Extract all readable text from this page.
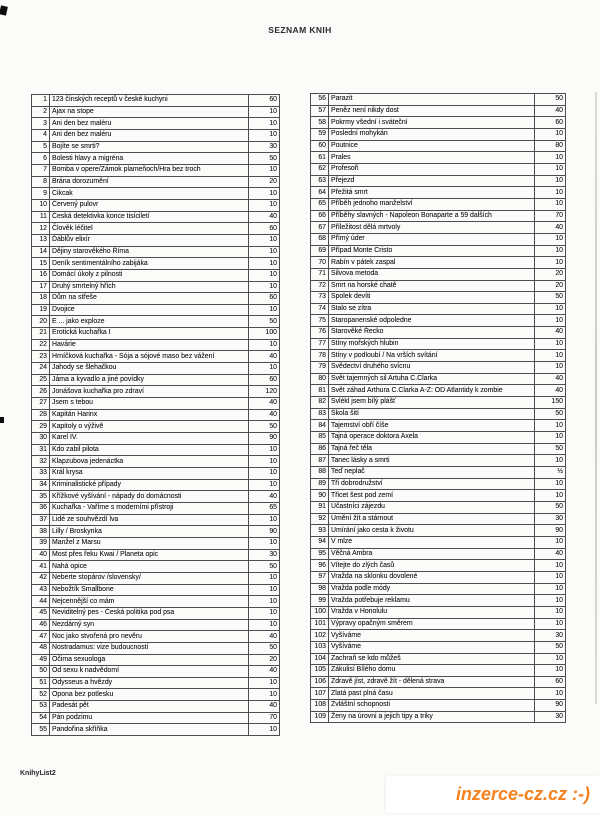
SEZNAM KNIH
1	123 čínských receptů v české kuchyni	60
2	Ajax na stope	10
3	Ani den bez maléru	10
4	Ani den bez maléru	10
5	Bojíte se smrti?	30
6	Bolesti hlavy a migréna	50
7	Bomba v opere/Zámok plameňoch/Hra bez troch	10
8	Brána dorozumění	20
9	Cikcak	10
10	Červený pulovr	10
11	Česká detektivka konce tisíciletí	40
12	Člověk léčitel	60
13	Ďáblův elixír	10
14	Dějiny starověkého Říma	10
15	Deník sentimentálního zabijáka	10
16	Domácí úkoly z pilnosti	10
17	Druhý smrtelný hřích	10
18	Dům na střeše	60
19	Dvojice	10
20	E ... jako exploze	50
21	Erotická kuchařka I	100
22	Havárie	10
23	Hrníčková kuchařka - Sója a sójové maso bez vážení	40
24	Jahody se šlehačkou	10
25	Jáma a kyvadlo a jiné povídky	60
26	Jonášova kuchařka pro zdraví	120
27	Jsem s tebou	40
28	Kapitán Harinx	40
29	Kapitoly o výživě	50
30	Karel IV.	90
31	Kdo zabil pilota	10
32	Klapzubova jedenáctka	10
33	Král krysa	10
34	Kriminalistické případy	10
35	Křížkové vyšívání - nápady do domácnosti	40
36	Kuchařka - Vaříme s moderními přístroji	65
37	Lidé ze souhvězdí lva	10
38	Lilly / Broskynka	90
39	Manžel z Marsu	10
40	Most přes řeku Kwai / Planeta opic	30
41	Nahá opice	50
42	Neberte stopárov /slovensky/	10
43	Nebožtík Smallbone	10
44	Nejcennější co mám	10
45	Neviditelný pes - Česká politika pod psa	10
46	Nezdárný syn	10
47	Noc jako stvořená pro nevěru	40
48	Nostradamus: vize budoucnosti	50
49	Očima sexuologa	20
50	Od sexu k nadvědomí	40
51	Odysseus a hvězdy	10
52	Opona bez potlesku	10
53	Padesát pět	40
54	Pán podzimu	70
55	Pandořina skříňka	10
56	Parazit	50
57	Peněz není nikdy dost	40
58	Pokrmy všední i sváteční	60
59	Poslední mohykán	10
60	Poutnice	80
61	Prales	10
62	Profesoři	10
63	Přejezd	10
64	Přežitá smrt	10
65	Příběh jednoho manželství	10
66	Příběhy slavných - Napoleon Bonaparte a 59 dalších	70
67	Příležitost dělá mrtvoly	40
68	Přímý úder	10
69	Případ Monte Cristo	10
70	Rabín v pátek zaspal	10
71	Silvova metoda	20
72	Smrt na horské chatě	20
73	Spolek devíti	50
74	Stalo se zítra	10
75	Staropanenské odpoledne	10
76	Starověké Řecko	40
77	Stíny mořských hlubin	10
78	Stíny v podloubí / Na vrších svítání	10
79	Svědectví druhého svícnu	10
80	Svět tajemných sil Artuha C.Clarka	40
81	Svět záhad Arthura C.Clarka A-Z: OD Atlantidy k zombie	40
82	Svlékl jsem bílý plášť	150
83	Škola šití	50
84	Tajemství obří číše	10
85	Tajná operace doktora Axela	10
86	Tajná řeč těla	50
87	Tanec lásky a smrti	10
88	Teď neplač	½
89	Tři dobrodružství	10
90	Třicet šest pod zemí	10
91	Účastníci zájezdu	50
92	Umění žít a stárnout	30
93	Umírání jako cesta k životu	90
94	V mlze	10
95	Věčná Ambra	40
96	Vítejte do zlých časů	10
97	Vražda na sklonku dovolené	10
98	Vražda podle módy	10
99	Vražda potřebuje reklamu	10
100	Vražda v Honolulu	10
101	Výpravy opačným směrem	10
102	Vyšíváme	30
103	Vyšíváme	50
104	Zachraň se kdo můžeš	10
105	Zákulisí Bílého domu	10
106	Zdravě jíst, zdravě žít - dělená strava	60
107	Zlatá past plná času	10
108	Zvláštní schopnosti	90
109	Ženy na úrovni a jejich tipy a triky	30
KnihyList2
inzerce-cz.cz :-)
